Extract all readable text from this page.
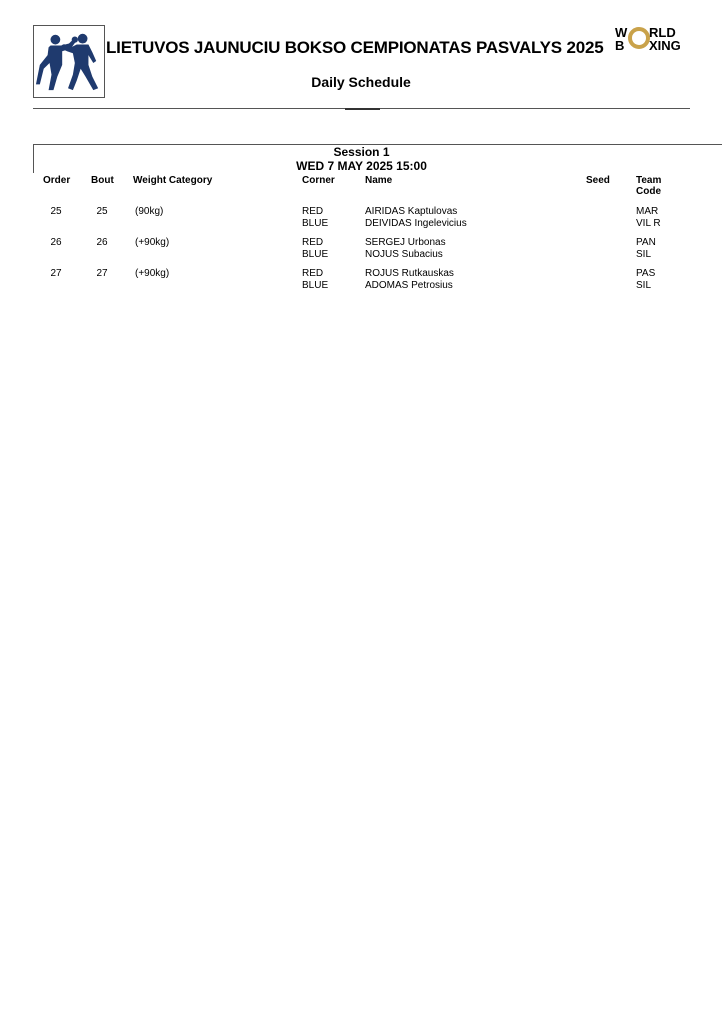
LIETUVOS JAUNUCIU BOKSO CEMPIONATAS PASVALYS 2025
W RLD
B XING
Daily Schedule
Session 1
WED 7 MAY 2025 15:00
Order Bout Weight Category	Corner	Name	Seed	Team
Code
25	25	(90kg)	RED	AIRIDAS Kaptulovas	MAR
BLUE	DEIVIDAS Ingelevicius	VIL R
26	26	(+90kg)	RED	SERGEJ Urbonas	PAN
BLUE	NOJUS Subacius	SIL
27	27	(+90kg)	RED	ROJUS Rutkauskas	PAS
BLUE	ADOMAS Petrosius	SIL
